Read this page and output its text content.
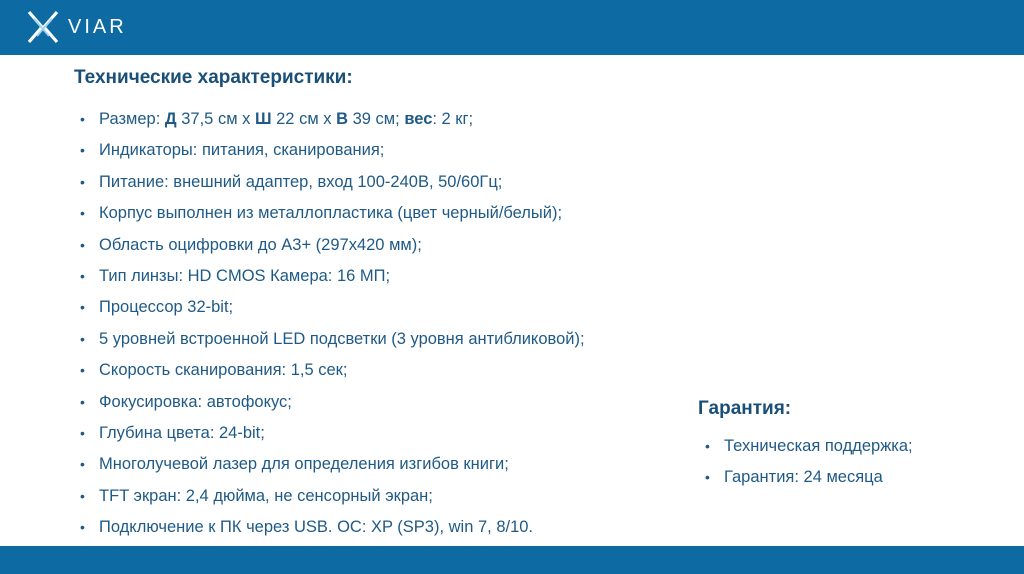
VIAR
Технические характеристики:
• Размер: Д 37,5 см х Ш 22 см х В 39 см; вес: 2 кг;
• Индикаторы: питания, сканирования;
• Питание: внешний адаптер, вход 100-240В, 50/60Гц;
• Корпус выполнен из металлопластика (цвет черный/белый);
• Область оцифровки до А3+ (297х420 мм);
• Тип линзы: HD CMOS Камера: 16 МП;
• Процессор 32-bit;
• 5 уровней встроенной LED подсветки (3 уровня антибликовой);
• Скорость сканирования: 1,5 сек;
• Фокусировка: автофокус;
• Глубина цвета: 24-bit;
• Многолучевой лазер для определения изгибов книги;
• TFT экран: 2,4 дюйма, не сенсорный экран;
• Подключение к ПК через USB. ОС: XP (SP3), win 7, 8/10.
Гарантия:
• Техническая поддержка;
• Гарантия: 24 месяца
